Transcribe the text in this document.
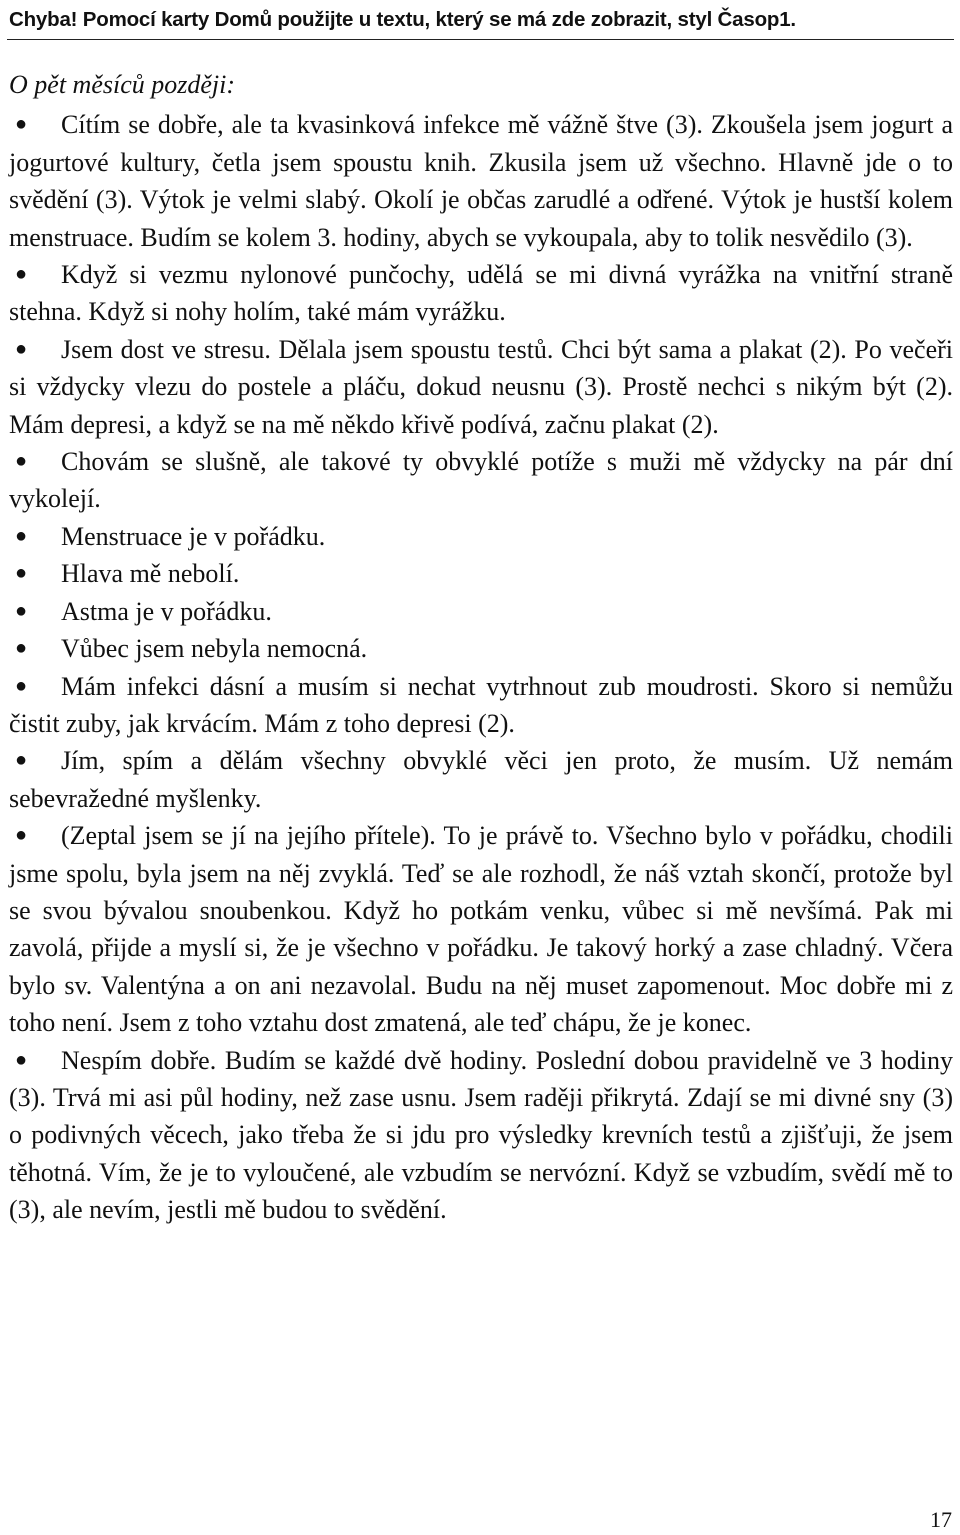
Chyba! Pomocí karty Domů použijte u textu, který se má zde zobrazit, styl Časop1.

O pět měsíců později:

● Cítím se dobře, ale ta kvasinková infekce mě vážně štve (3). Zkoušela jsem jogurt a jogurtové kultury, četla jsem spoustu knih. Zkusila jsem už všechno. Hlavně jde o to svědění (3). Výtok je velmi slabý. Okolí je občas zarudlé a odřené. Výtok je hustší kolem menstruace. Budím se kolem 3. hodiny, abych se vykoupala, aby to tolik nesvědilo (3).
● Když si vezmu nylonové punčochy, udělá se mi divná vyrážka na vnitřní straně stehna. Když si nohy holím, také mám vyrážku.
● Jsem dost ve stresu. Dělala jsem spoustu testů. Chci být sama a plakat (2). Po večeři si vždycky vlezu do postele a pláču, dokud neusnu (3). Prostě nechci s nikým být (2). Mám depresi, a když se na mě někdo křivě podívá, začnu plakat (2).
● Chovám se slušně, ale takové ty obvyklé potíže s muži mě vždycky na pár dní vykolejí.
● Menstruace je v pořádku.
● Hlava mě nebolí.
● Astma je v pořádku.
● Vůbec jsem nebyla nemocná.
● Mám infekci dásní a musím si nechat vytrhnout zub moudrosti. Skoro si nemůžu čistit zuby, jak krvácím. Mám z toho depresi (2).
● Jím, spím a dělám všechny obvyklé věci jen proto, že musím. Už nemám sebevražedné myšlenky.
● (Zeptal jsem se jí na jejího přítele). To je právě to. Všechno bylo v pořádku, chodili jsme spolu, byla jsem na něj zvyklá. Teď se ale rozhodl, že náš vztah skončí, protože byl se svou bývalou snoubenkou. Když ho potkám venku, vůbec si mě nevšímá. Pak mi zavolá, přijde a myslí si, že je všechno v pořádku. Je takový horký a zase chladný. Včera bylo sv. Valentýna a on ani nezavolal. Budu na něj muset zapomenout. Moc dobře mi z toho není. Jsem z toho vztahu dost zmatená, ale teď chápu, že je konec.
● Nespím dobře. Budím se každé dvě hodiny. Poslední dobou pravidelně ve 3 hodiny (3). Trvá mi asi půl hodiny, než zase usnu. Jsem raději přikrytá. Zdají se mi divné sny (3) o podivných věcech, jako třeba že si jdu pro výsledky krevních testů a zjišťuji, že jsem těhotná. Vím, že je to vyloučené, ale vzbudím se nervózní. Když se vzbudím, svědí mě to (3), ale nevím, jestli mě budou to svědění.
17
